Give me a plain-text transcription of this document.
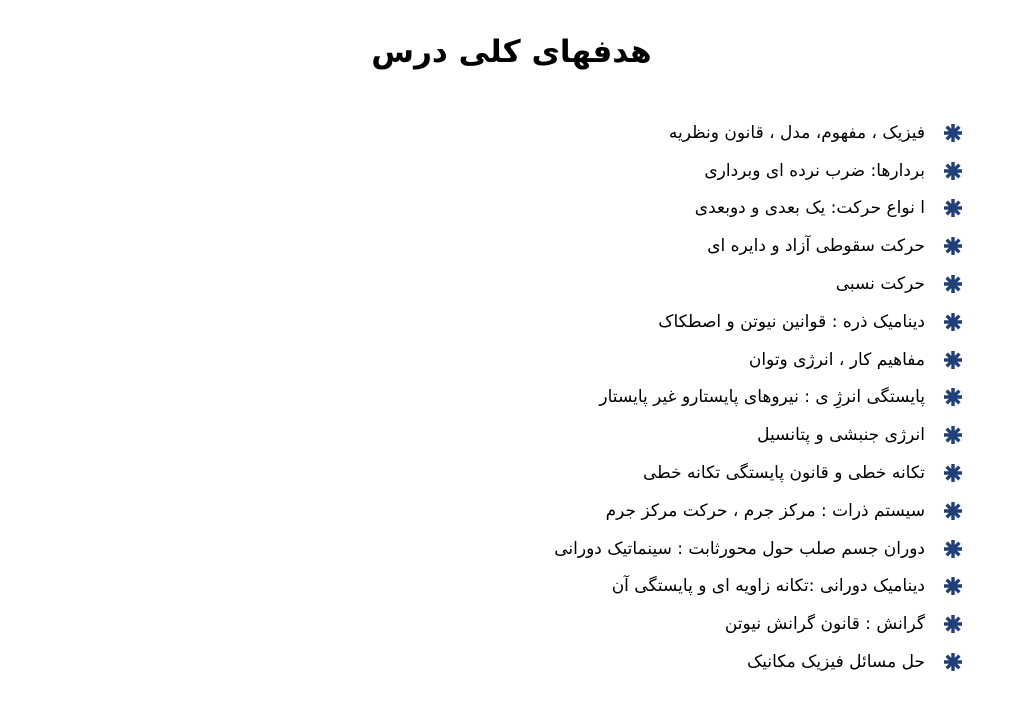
هدفهای کلی درس
فیزیک ، مفهوم، مدل ، قانون ونظریه
بردارها: ضرب نرده ای وبرداری
ا نواع حرکت: یک بعدی و دوبعدی
حرکت سقوطی آزاد و دایره ای
حرکت نسبی
دینامیک ذره : قوانین نیوتن و اصطکاک
مفاهیم کار ، انرژی وتوان
پایستگی انرژِ ی : نیروهای پایستارو غیر پایستار
انرژی جنبشی و پتانسیل
تکانه خطی و قانون پایستگی تکانه خطی
سیستم ذرات : مرکز جرم ، حرکت مرکز جرم
دوران جسم صلب حول محورثابت : سینماتیک دورانی
دینامیک دورانی :تکانه زاویه ای و پایستگی آن
گرانش : قانون گرانش نیوتن
حل مسائل فیزیک مکانیک
